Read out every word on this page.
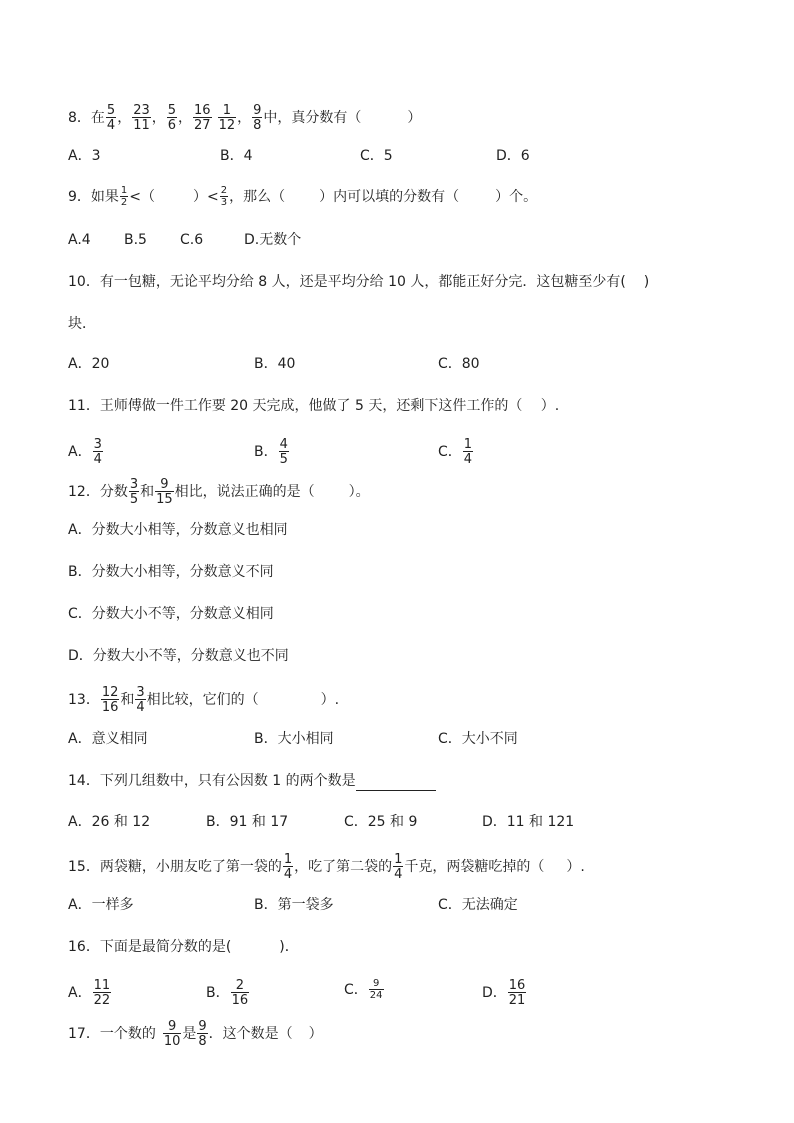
8．在 $\frac{5}{4}$ ， $\frac{23}{11}$ ， $\frac{5}{6}$ ， $\frac{16}{27} \frac{1}{12}$ ， $\frac{9}{8}$ 中，真分数有（	）
A．3	B．4	C．5	D．6
9．如果 $\frac{1}{2}$ <（	）< $\frac{2}{3}$ ，那么（ ）内可以填的分数有（	）个。
A.4 B.5 C.6	D.无数个
10．有一包糖，无论平均分给 8 人，还是平均分给 10 人，都能正好分完．这包糖至少有( )
块．
A．20	B．40	C．80
11．王师傅做一件工作要 20 天完成，他做了 5 天，还剩下这件工作的（　 ）.
A． $\frac{3}{4}$	B． $\frac{4}{5}$	C． $\frac{1}{4}$
12．分数 $\frac{3}{5}$ 和 $\frac{9}{15}$ 相比，说法正确的是（ ）。
A．分数大小相等，分数意义也相同
B．分数大小相等，分数意义不同
C．分数大小不等，分数意义相同
D．分数大小不等，分数意义也不同
13． $\frac{12}{16}$ 和 $\frac{3}{4}$ 相比较，它们的（	）.
A．意义相同	B．大小相同	C．大小不同
14．下列几组数中，只有公因数 1 的两个数是
A．26 和 12	B．91 和 17	C．25 和 9	D．11 和 121
15．两袋糖，小朋友吃了第一袋的 $\frac{1}{4}$ ，吃了第二袋的 $\frac{1}{4}$ 千克，两袋糖吃掉的（ ）.
A．一样多	B．第一袋多	C．无法确定
16．下面是最简分数的是(	)．
A． $\frac{11}{22}$	B． $\frac{2}{16}$	C． $\frac{9}{24}$	D． $\frac{16}{21}$
17．一个数的 $\frac{9}{10}$ 是 $\frac{9}{8}$ ．这个数是（ ）
